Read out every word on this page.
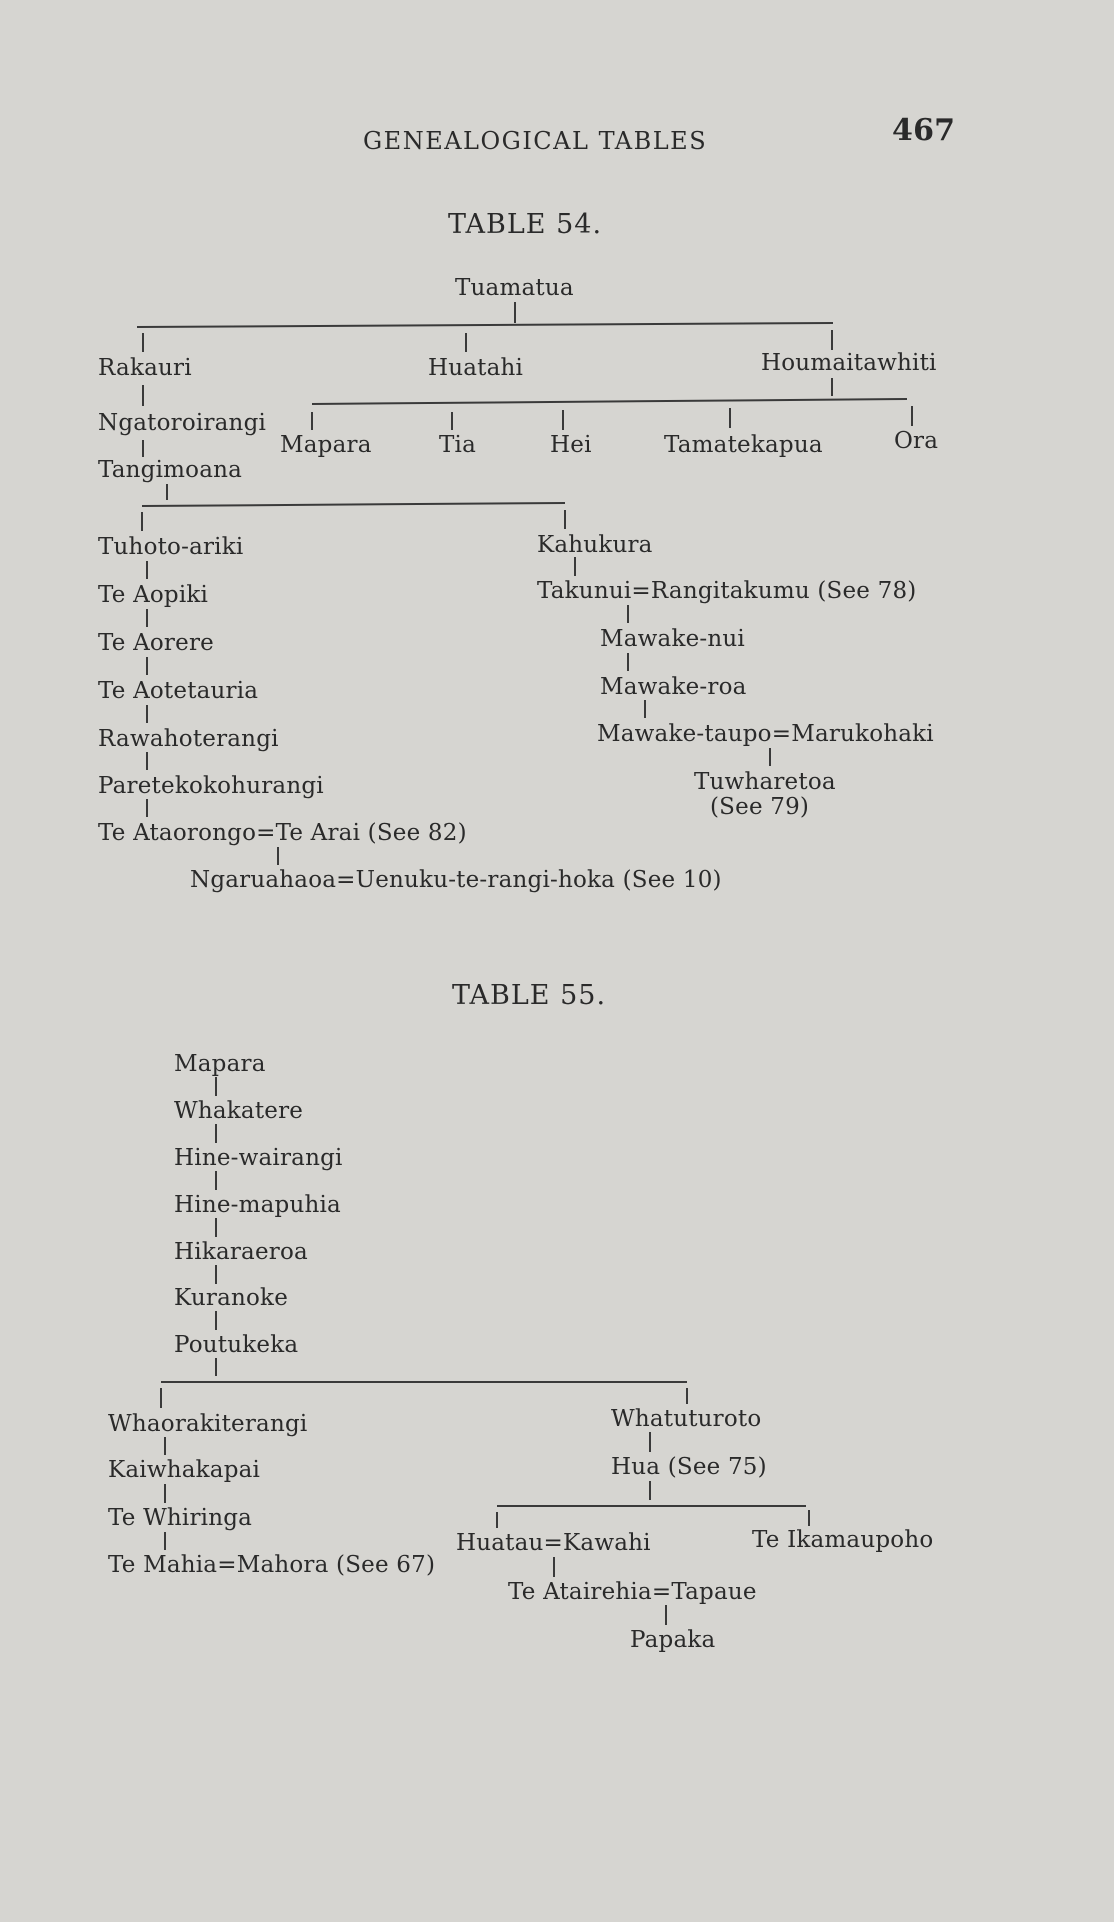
GENEALOGICAL TABLES	467
TABLE 54.
Tuamatua
Rakauri	Huatahi	Houmaitawhiti
Ngatoroirangi
Tangimoana
Mapara	Tia	Hei	Tamatekapua	Ora
Tuhoto-ariki
Te Aopiki
Te Aorere
Te Aotetauria
Rawahoterangi
Paretekokohurangi
Te Ataorongo=Te Arai (See 82)
Kahukura
Takunui=Rangitakumu (See 78)
Mawake-nui
Mawake-roa
Mawake-taupo=Marukohaki
Tuwharetoa
(See 79)
Ngaruahaoa=Uenuku-te-rangi-hoka (See 10)
TABLE 55.
Mapara
Whakatere
Hine-wairangi
Hine-mapuhia
Hikaraeroa
Kuranoke
Poutukeka
Whaorakiterangi
Kaiwhakapai
Te Whiringa
Te Mahia=Mahora (See 67)
Whatuturoto
Hua (See 75)
Huatau=Kawahi	Te Ikamaupoho
Te Atairehia=Tapaue
Papaka
